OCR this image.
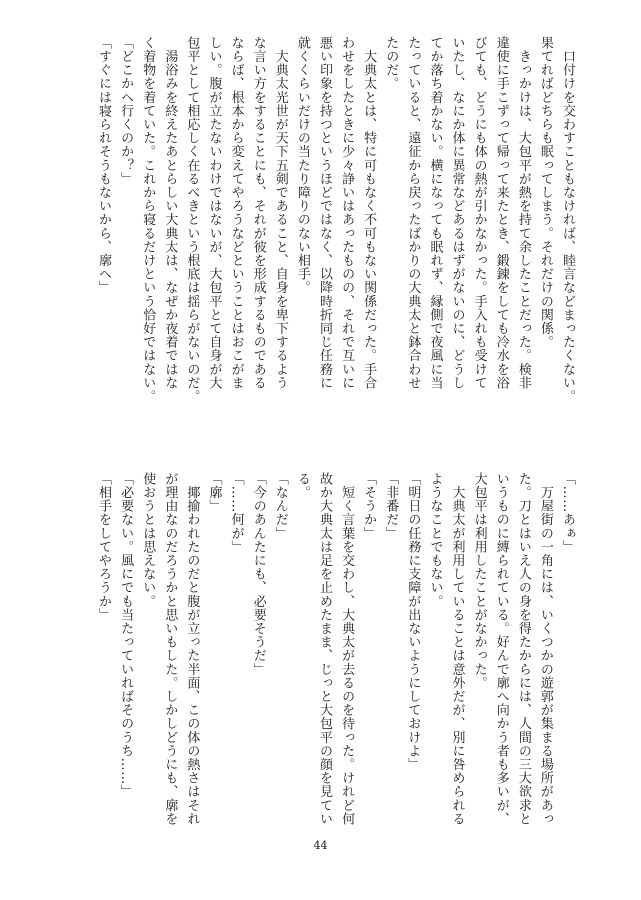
　口付けを交わすこともなければ、睦言などまったくない。
果てればどちらも眠ってしまう。それだけの関係。
　きっかけは、大包平が熱を持て余したことだった。検非
違使に手こずって帰って来たとき、鍛錬をしても冷水を浴
びても、どうにも体の熱が引かなかった。手入れも受けて
いたし、なにか体に異常などあるはずがないのに、どうし
てか落ち着かない。横になっても眠れず、縁側で夜風に当
たっていると、遠征から戻ったばかりの大典太と鉢合わせ
たのだ。
　大典太とは、特に可もなく不可もない関係だった。手合
わせをしたときに少々諍いはあったものの、それで互いに
悪い印象を持つというほどではなく、以降時折同じ任務に
就くくらいだけの当たり障りのない相手。
　大典太光世が天下五剣であること、自身を卑下するよう
な言い方をすることにも、それが彼を形成するものである
ならば、根本から変えてやろうなどということはおこがま
しい。腹が立たないわけではないが、大包平とて自身が大
包平として相応しく在るべきという根底は揺らがないのだ。
　湯浴みを終えたあとらしい大典太は、なぜか夜着ではな
く着物を着ていた。これから寝るだけという恰好ではない。
「どこかへ行くのか？」
「すぐには寝られそうもないから、廓へ」
「……あぁ」
　万屋街の一角には、いくつかの遊郭が集まる場所があっ
た。刀とはいえ人の身を得たからには、人間の三大欲求と
いうものに縛られている。好んで廓へ向かう者も多いが、
大包平は利用したことがなかった。
　大典太が利用していることは意外だが、別に咎められる
ようなことでもない。
「明日の任務に支障が出ないようにしておけよ」
「非番だ」
「そうか」
　短く言葉を交わし、大典太が去るのを待った。けれど何
故か大典太は足を止めたまま、じっと大包平の顔を見てい
る。
「なんだ」
「今のあんたにも、必要そうだ」
「……何が」
「廓」
　揶揄われたのだと腹が立った半面、この体の熱さはそれ
が理由なのだろうかと思いもした。しかしどうにも、廓を
使おうとは思えない。
「必要ない。風にでも当たっていればそのうち……」
「相手をしてやろうか」
44
